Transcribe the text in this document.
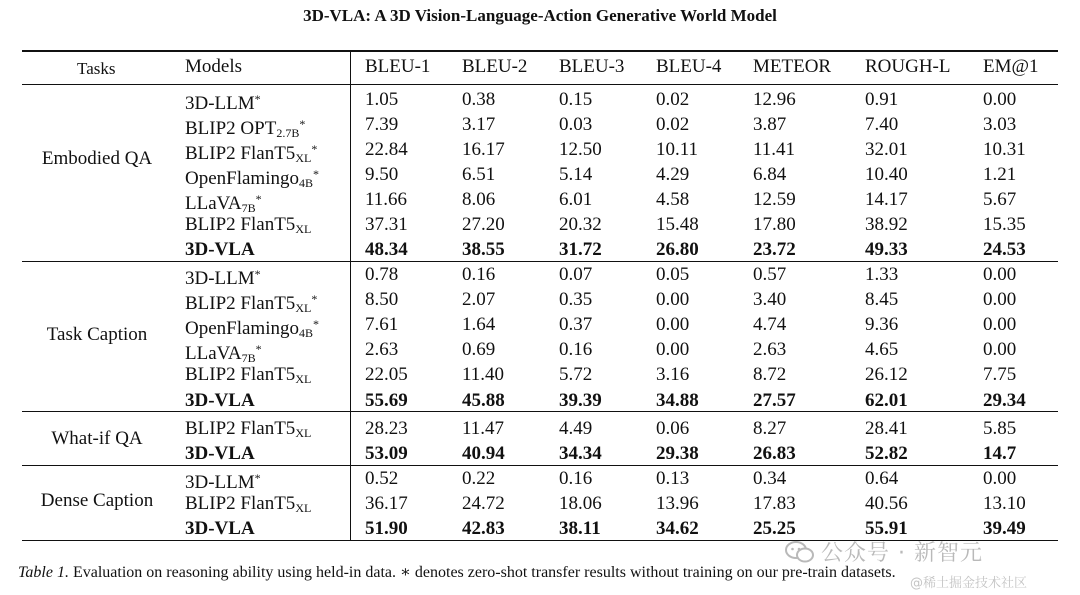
3D-VLA: A 3D Vision-Language-Action Generative World Model
Tasks	Models	BLEU-1 BLEU-2 BLEU-3 BLEU-4 METEOR ROUGH-L EM@1
Embodied QA
3D-LLM*	1.05	0.38	0.15	0.02	12.96	0.91	0.00
BLIP2 $OPT_{2.7B}^*$	7.39	3.17	0.03	0.02	3.87	7.40	3.03
BLIP2 $FlanT5_{XL}^*$	22.84	16.17	12.50	10.11	11.41	32.01	10.31
OpenFlamingo$_{4B}$* 9.50	6.51	5.14	4.29	6.84	10.40	1.21
LLaVA$_{7B}$*	11.66	8.06	6.01	4.58	12.59	14.17	5.67
BLIP2 $FlanT5_{XL}$	37.31	27.20	20.32	15.48	17.80	38.92	15.35
3D-VLA	48.34	38.55	31.72	26.80	23.72	49.33	24.53
Task Caption
3D-LLM*	0.78	0.16	0.07	0.05	0.57	1.33	0.00
BLIP2 $FlanT5_{XL}^*$	8.50	2.07	0.35	0.00	3.40	8.45	0.00
OpenFlamingo$_{4B}$* 7.61	1.64	0.37	0.00	4.74	9.36	0.00
LLaVA$_{7B}$*	2.63	0.69	0.16	0.00	2.63	4.65	0.00
BLIP2 $FlanT5_{XL}$	22.05	11.40	5.72	3.16	8.72	26.12	7.75
3D-VLA	55.69	45.88	39.39	34.88	27.57	62.01	29.34
What-if QA	BLIP2 $FlanT5_{XL}$	28.23	11.47	4.49	0.06	8.27	28.41	5.85
3D-VLA	53.09	40.94	34.34	29.38	26.83	52.82	14.7
Dense Caption
3D-LLM*	0.52	0.22	0.16	0.13	0.34	0.64	0.00
BLIP2 $FlanT5_{XL}$	36.17	24.72	18.06	13.96	17.83	40.56	13.10
3D-VLA	51.90	42.83	38.11	34.62	25.25	55.91	39.49
Table 1. Evaluation on reasoning ability using held-in data. ∗ denotes zero-shot transfer results without training on our pre-train datasets.
公众号 · 新智元
@稀土掘金技术社区
